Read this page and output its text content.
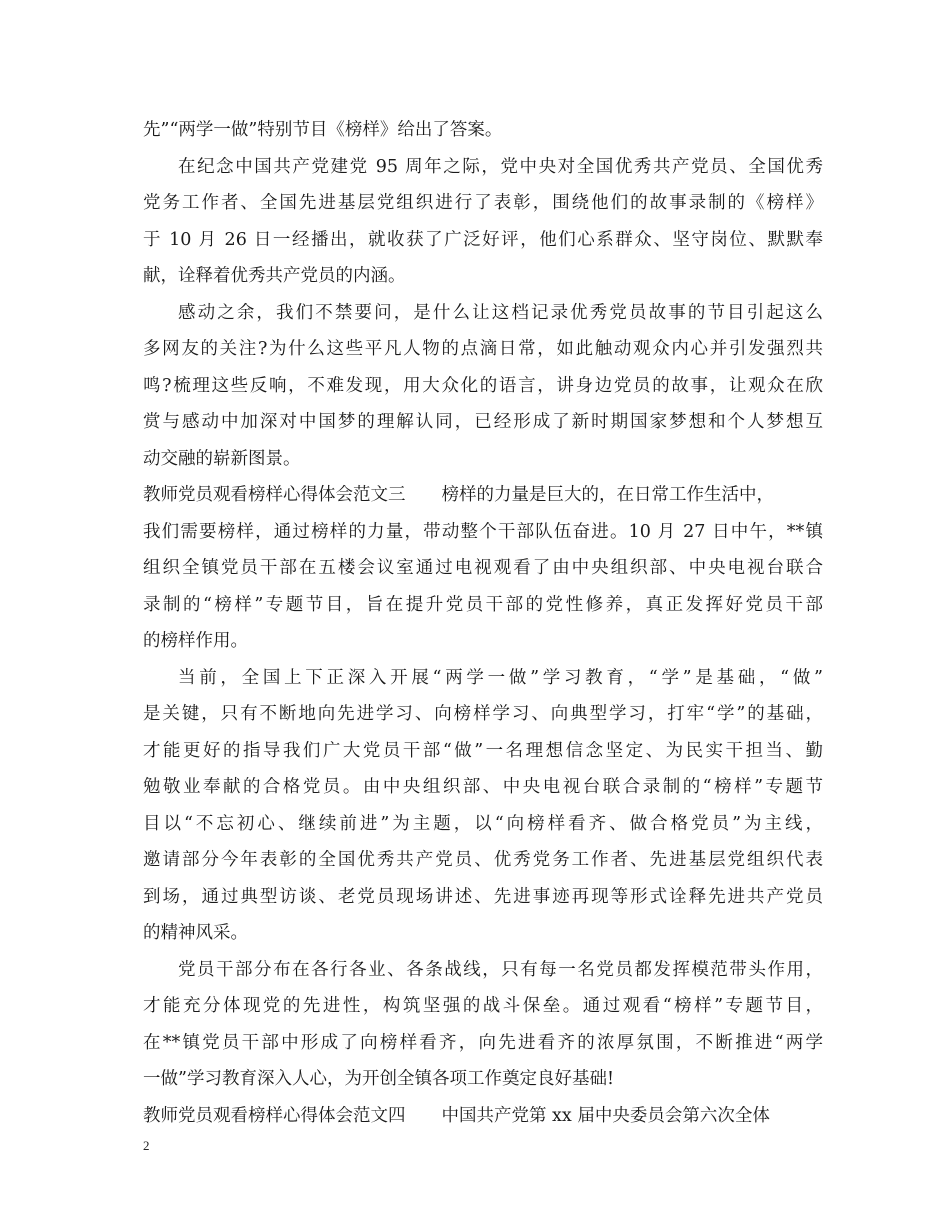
先”“两学一做”特别节目《榜样》给出了答案。
在纪念中国共产党建党 95 周年之际，党中央对全国优秀共产党员、全国优秀
党务工作者、全国先进基层党组织进行了表彰，围绕他们的故事录制的《榜样》
于 10 月 26 日一经播出，就收获了广泛好评，他们心系群众、坚守岗位、默默奉
献，诠释着优秀共产党员的内涵。
感动之余，我们不禁要问，是什么让这档记录优秀党员故事的节目引起这么
多网友的关注?为什么这些平凡人物的点滴日常，如此触动观众内心并引发强烈共
鸣?梳理这些反响，不难发现，用大众化的语言，讲身边党员的故事，让观众在欣
赏与感动中加深对中国梦的理解认同，已经形成了新时期国家梦想和个人梦想互
动交融的崭新图景。
教师党员观看榜样心得体会范文三 榜样的力量是巨大的，在日常工作生活中，
我们需要榜样，通过榜样的力量，带动整个干部队伍奋进。10 月 27 日中午，**镇
组织全镇党员干部在五楼会议室通过电视观看了由中央组织部、中央电视台联合
录制的“榜样”专题节目，旨在提升党员干部的党性修养，真正发挥好党员干部
的榜样作用。
当前，全国上下正深入开展“两学一做”学习教育，“学”是基础，“做”
是关键，只有不断地向先进学习、向榜样学习、向典型学习，打牢“学”的基础，
才能更好的指导我们广大党员干部“做”一名理想信念坚定、为民实干担当、勤
勉敬业奉献的合格党员。由中央组织部、中央电视台联合录制的“榜样”专题节
目以“不忘初心、继续前进”为主题，以“向榜样看齐、做合格党员”为主线，
邀请部分今年表彰的全国优秀共产党员、优秀党务工作者、先进基层党组织代表
到场，通过典型访谈、老党员现场讲述、先进事迹再现等形式诠释先进共产党员
的精神风采。
党员干部分布在各行各业、各条战线，只有每一名党员都发挥模范带头作用，
才能充分体现党的先进性，构筑坚强的战斗保垒。通过观看“榜样”专题节目，
在**镇党员干部中形成了向榜样看齐，向先进看齐的浓厚氛围，不断推进“两学
一做”学习教育深入人心，为开创全镇各项工作奠定良好基础!
教师党员观看榜样心得体会范文四 中国共产党第 xx 届中央委员会第六次全体
2
